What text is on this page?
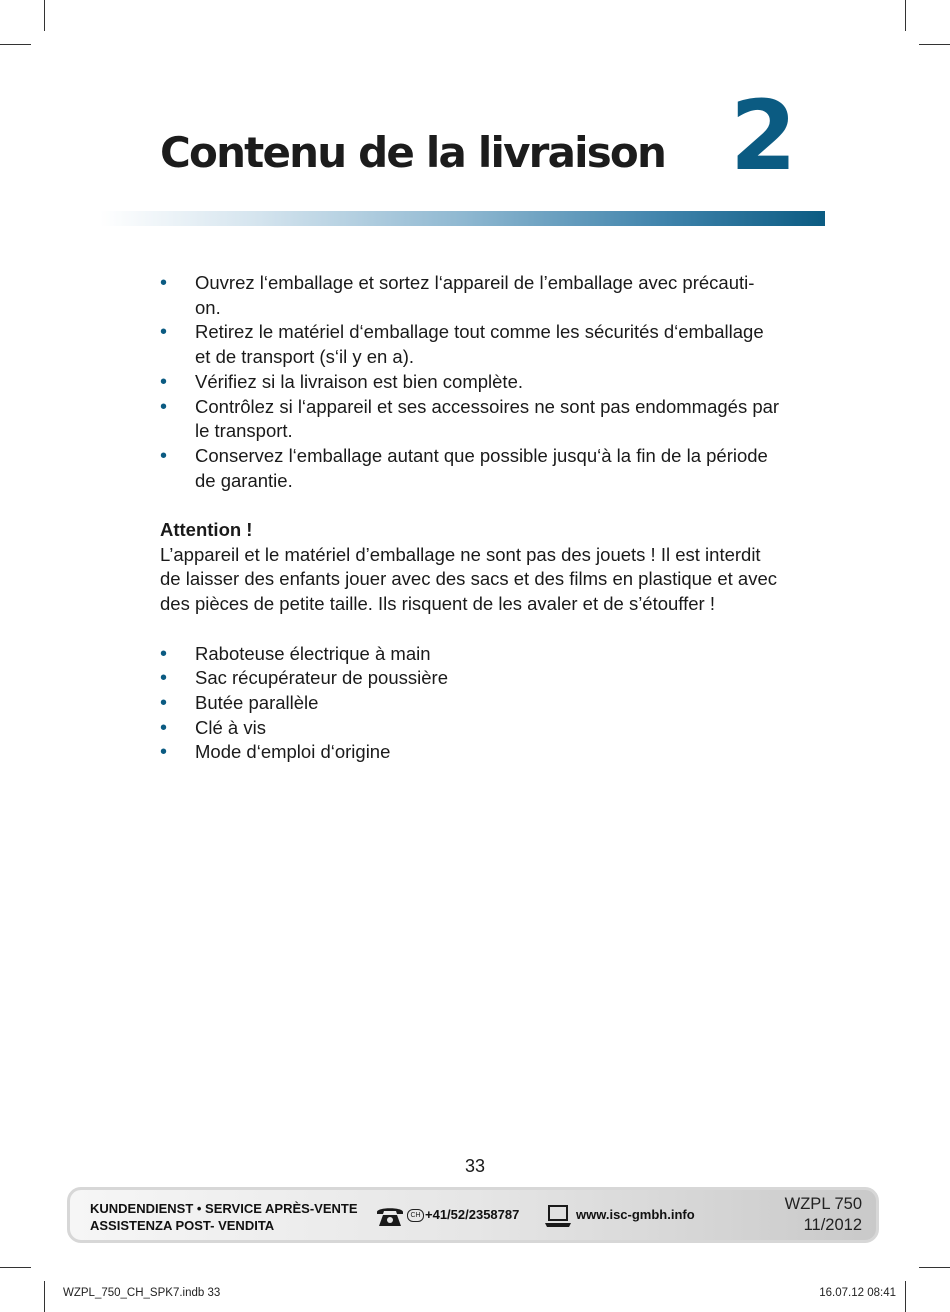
Contenu de la livraison 2
• Ouvrez l‘emballage et sortez l‘appareil de l’emballage avec précauti-
on.
• Retirez le matériel d‘emballage tout comme les sécurités d‘emballage
et de transport (s‘il y en a).
• Vérifiez si la livraison est bien complète.
• Contrôlez si l‘appareil et ses accessoires ne sont pas endommagés par
le transport.
• Conservez l‘emballage autant que possible jusqu‘à la fin de la période
de garantie.
Attention !
L’appareil et le matériel d’emballage ne sont pas des jouets ! Il est interdit
de laisser des enfants jouer avec des sacs et des films en plastique et avec
des pièces de petite taille. Ils risquent de les avaler et de s’étouffer !
• Raboteuse électrique à main
• Sac récupérateur de poussière
• Butée parallèle
• Clé à vis
• Mode d‘emploi d‘origine
33
KUNDENDIENST • SERVICE APRÈS-VENTE
ASSISTENZA POST- VENDITA
CH +41/52/2358787	www.isc-gmbh.info
WZPL 750
11/2012
WZPL_750_CH_SPK7.indb 33	16.07.12 08:41
